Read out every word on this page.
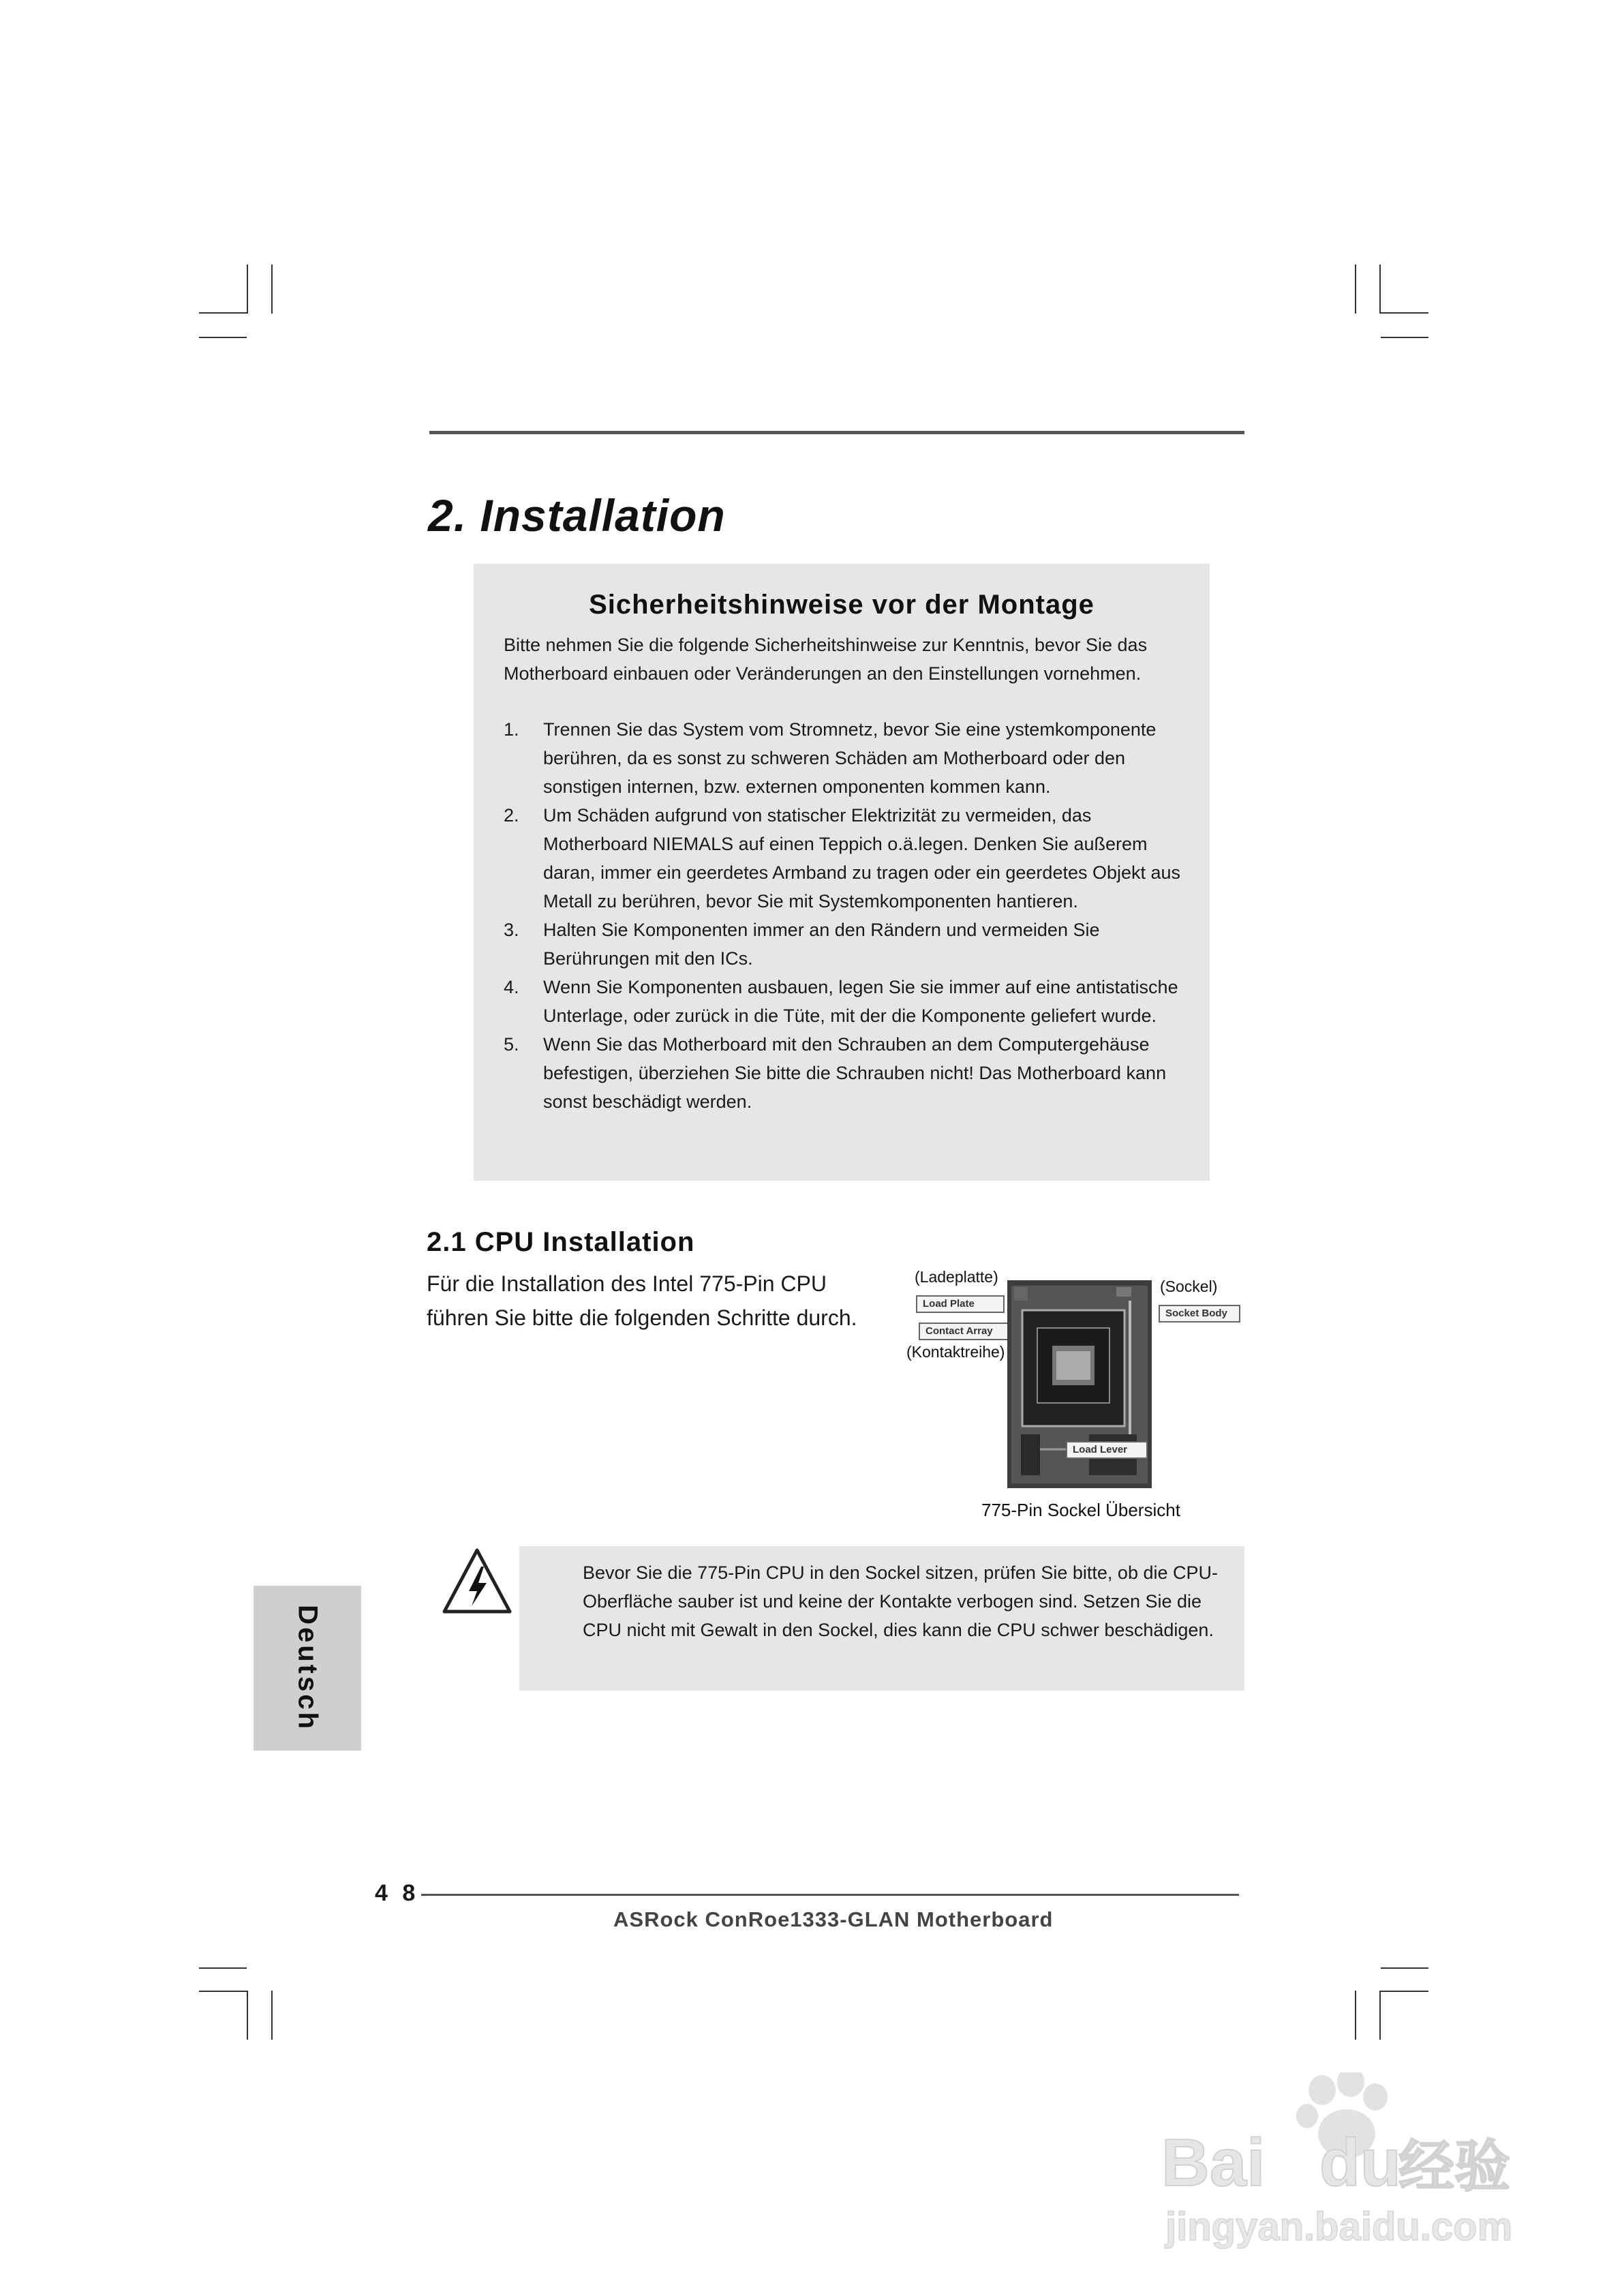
2. Installation
Sicherheitshinweise vor der Montage
Bitte nehmen Sie die folgende Sicherheitshinweise zur Kenntnis, bevor Sie das Motherboard einbauen oder Veränderungen an den Einstellungen vornehmen.
1. Trennen Sie das System vom Stromnetz, bevor Sie eine ystemkomponente berühren, da es sonst zu schweren Schäden am Motherboard oder den sonstigen internen, bzw. externen omponenten kommen kann.
2. Um Schäden aufgrund von statischer Elektrizität zu vermeiden, das Motherboard NIEMALS auf einen Teppich o.ä.legen. Denken Sie außerem daran, immer ein geerdetes Armband zu tragen oder ein geerdetes Objekt aus Metall zu berühren, bevor Sie mit Systemkomponenten hantieren.
3. Halten Sie Komponenten immer an den Rändern und vermeiden Sie Berührungen mit den ICs.
4. Wenn Sie Komponenten ausbauen, legen Sie sie immer auf eine antistatische Unterlage, oder zurück in die Tüte, mit der die Komponente geliefert wurde.
5. Wenn Sie das Motherboard mit den Schrauben an dem Computergehäuse befestigen, überziehen Sie bitte die Schrauben nicht! Das Motherboard kann sonst beschädigt werden.
2.1 CPU Installation
Für die Installation des Intel 775-Pin CPU
führen Sie bitte die folgenden Schritte durch.
(Ladeplatte)
Load Plate
Contact Array
(Kontaktreihe)
(Sockel)
Socket Body
Load Lever
775-Pin Sockel Übersicht
Bevor Sie die 775-Pin CPU in den Sockel sitzen, prüfen Sie bitte, ob die CPU-Oberfläche sauber ist und keine der Kontakte verbogen sind. Setzen Sie die CPU nicht mit Gewalt in den Sockel, dies kann die CPU schwer beschädigen.
Deutsch
4 8
ASRock ConRoe1333-GLAN Motherboard
Bai du
经验
jingyan.baidu.com
